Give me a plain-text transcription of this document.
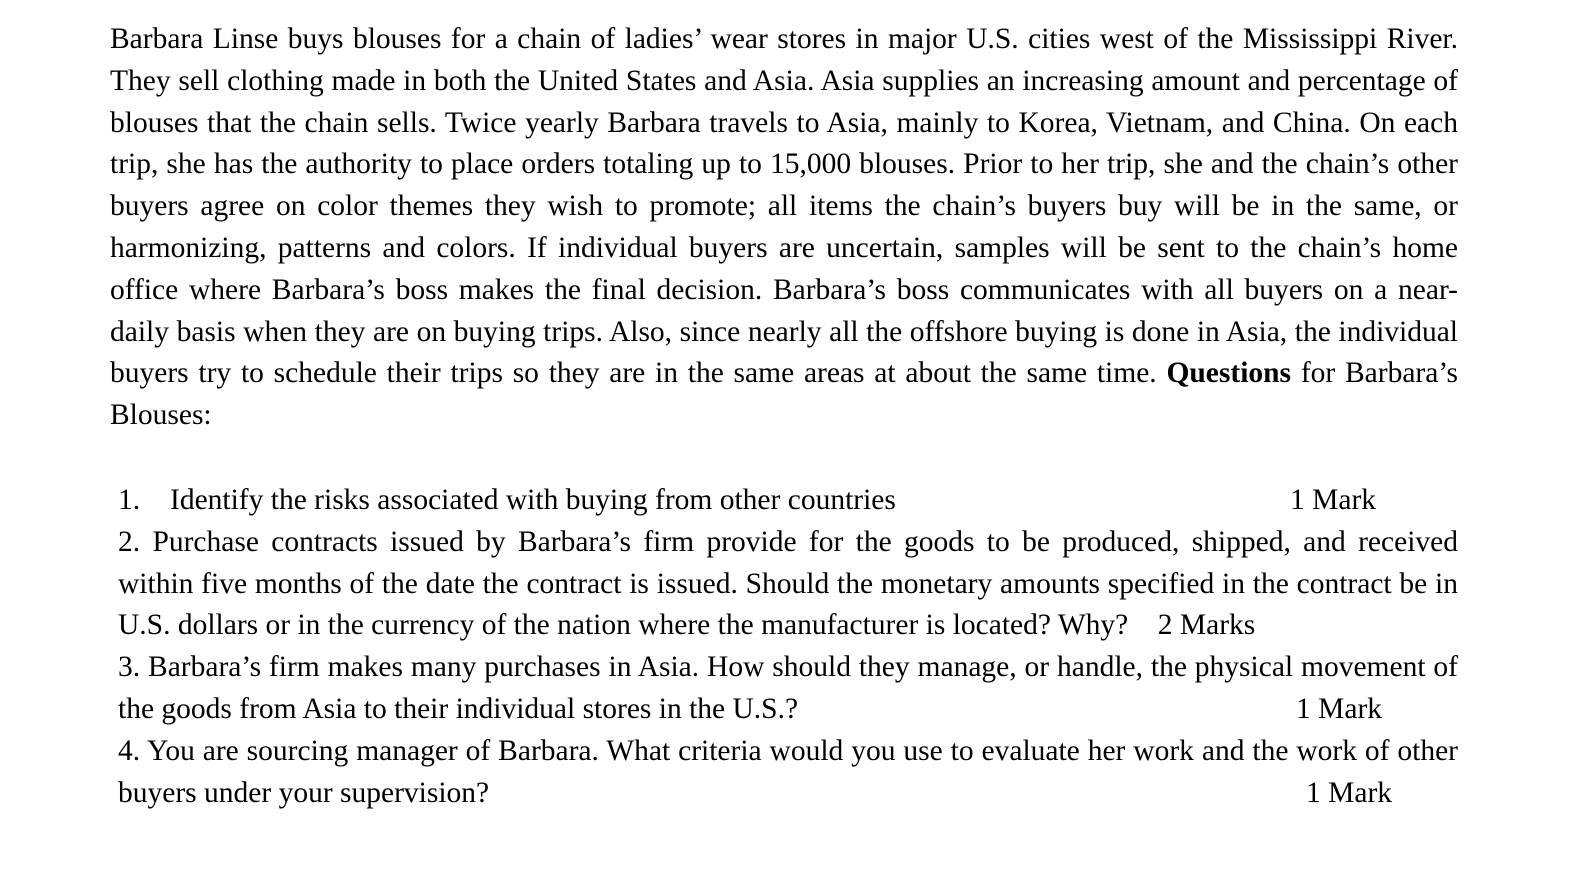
Barbara Linse buys blouses for a chain of ladies’ wear stores in major U.S. cities west of the Mississippi River. They sell clothing made in both the United States and Asia. Asia supplies an increasing amount and percentage of blouses that the chain sells. Twice yearly Barbara travels to Asia, mainly to Korea, Vietnam, and China. On each trip, she has the authority to place orders totaling up to 15,000 blouses. Prior to her trip, she and the chain’s other buyers agree on color themes they wish to promote; all items the chain’s buyers buy will be in the same, or harmonizing, patterns and colors. If individual buyers are uncertain, samples will be sent to the chain’s home office where Barbara’s boss makes the final decision. Barbara’s boss communicates with all buyers on a near-daily basis when they are on buying trips. Also, since nearly all the offshore buying is done in Asia, the individual buyers try to schedule their trips so they are in the same areas at about the same time. Questions for Barbara’s Blouses:

1. Identify the risks associated with buying from other countries	1 Mark

2. Purchase contracts issued by Barbara’s firm provide for the goods to be produced, shipped, and received within five months of the date the contract is issued. Should the monetary amounts specified in the contract be in U.S. dollars or in the currency of the nation where the manufacturer is located? Why? 2 Marks

3. Barbara’s firm makes many purchases in Asia. How should they manage, or handle, the physical movement of the goods from Asia to their individual stores in the U.S.?	1 Mark

4. You are sourcing manager of Barbara. What criteria would you use to evaluate her work and the work of other buyers under your supervision?	1 Mark
